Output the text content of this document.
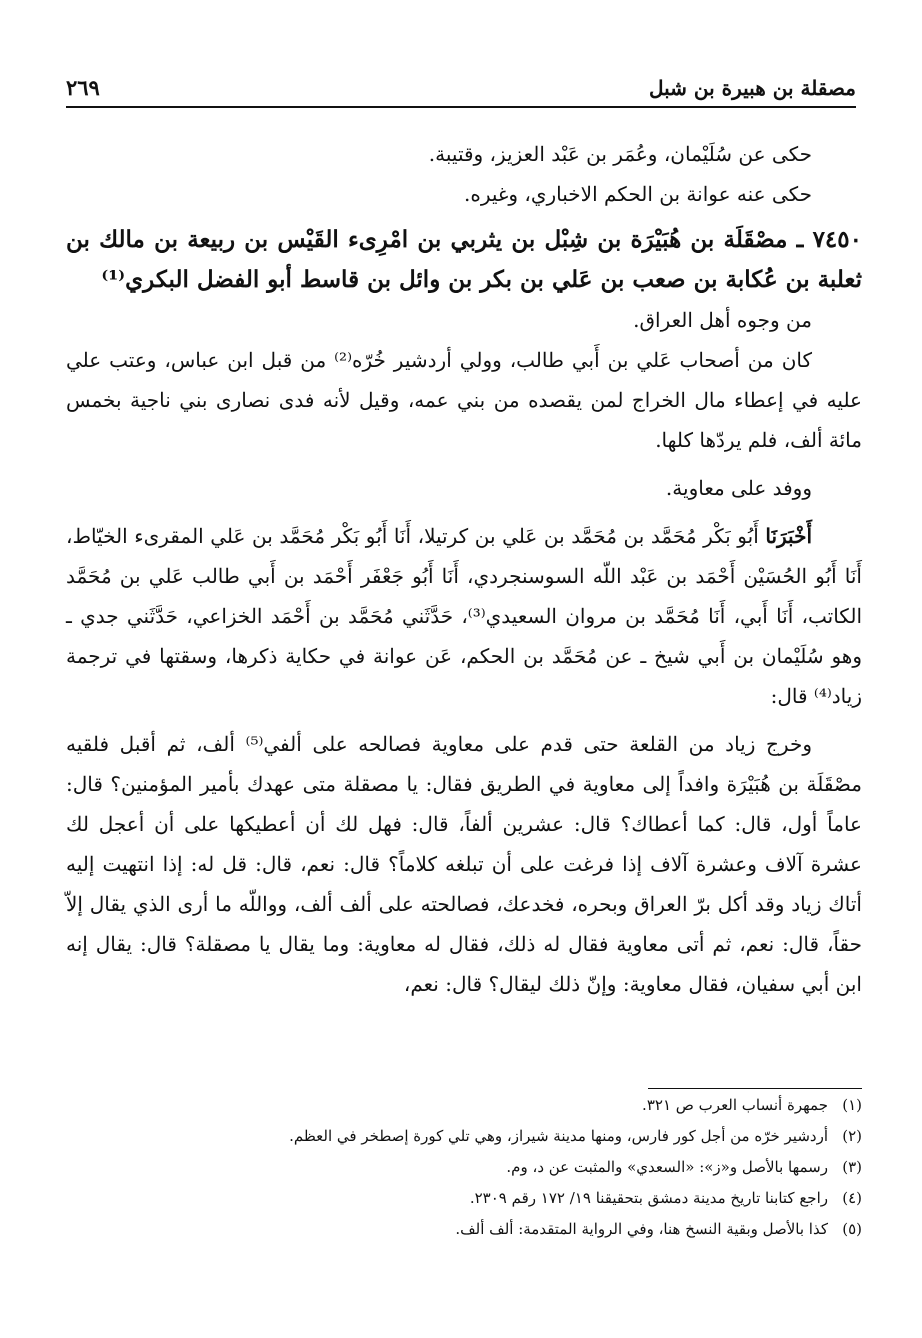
مصقلة بن هبيرة بن شبل
٢٦٩

حكى عن سُلَيْمان، وعُمَر بن عَبْد العزيز، وقتيبة.

حكى عنه عوانة بن الحكم الاخباري، وغيره.

٧٤٥٠ ـ مصْقَلَة بن هُبَيْرَة بن شِبْل بن يثربي بن امْرِىء القَيْس بن ربيعة بن مالك بن ثعلبة بن عُكابة بن صعب بن عَلي بن بكر بن وائل بن قاسط أبو الفضل البكري⁽¹⁾

من وجوه أهل العراق.

كان من أصحاب عَلي بن أَبي طالب، وولي أردشير خُرّه⁽²⁾ من قبل ابن عباس، وعتب علي عليه في إعطاء مال الخراج لمن يقصده من بني عمه، وقيل لأنه فدى نصارى بني ناجية بخمس مائة ألف، فلم يردّها كلها.

ووفد على معاوية.

أَخْبَرَنَا أَبُو بَكْر مُحَمَّد بن مُحَمَّد بن عَلي بن كرتيلا، أَنَا أَبُو بَكْر مُحَمَّد بن عَلي المقرىء الخيّاط، أَنَا أَبُو الحُسَيْن أَحْمَد بن عَبْد اللّه السوسنجردي، أَنَا أَبُو جَعْفَر أَحْمَد بن أَبي طالب عَلي بن مُحَمَّد الكاتب، أَنَا أَبي، أَنَا مُحَمَّد بن مروان السعيدي⁽³⁾، حَدَّثَني مُحَمَّد بن أَحْمَد الخزاعي، حَدَّثَني جدي ـ وهو سُلَيْمان بن أَبي شيخ ـ عن مُحَمَّد بن الحكم، عَن عوانة في حكاية ذكرها، وسقتها في ترجمة زياد⁽⁴⁾ قال:

وخرج زياد من القلعة حتى قدم على معاوية فصالحه على ألفي⁽⁵⁾ ألف، ثم أقبل فلقيه مصْقَلَة بن هُبَيْرَة وافداً إلى معاوية في الطريق فقال: يا مصقلة متى عهدك بأمير المؤمنين؟ قال: عاماً أول، قال: كما أعطاك؟ قال: عشرين ألفاً، قال: فهل لك أن أعطيكها على أن أعجل لك عشرة آلاف وعشرة آلاف إذا فرغت على أن تبلغه كلاماً؟ قال: نعم، قال: قل له: إذا انتهيت إليه أتاك زياد وقد أكل برّ العراق وبحره، فخدعك، فصالحته على ألف ألف، وواللّه ما أرى الذي يقال إلاّ حقاً، قال: نعم، ثم أتى معاوية فقال له ذلك، فقال له معاوية: وما يقال يا مصقلة؟ قال: يقال إنه ابن أبي سفيان، فقال معاوية: وإنّ ذلك ليقال؟ قال: نعم،

(١)جمهرة أنساب العرب ص ٣٢١.

(٢)أردشير خرّه من أجل كور فارس، ومنها مدينة شيراز، وهي تلي كورة إصطخر في العظم.

(٣)رسمها بالأصل و«ز»: «السعدي» والمثبت عن د، وم.

(٤)راجع كتابنا تاريخ مدينة دمشق بتحقيقنا ١٩/ ١٧٢ رقم ٢٣٠٩.

(٥)كذا بالأصل وبقية النسخ هنا، وفي الرواية المتقدمة: ألف ألف.
